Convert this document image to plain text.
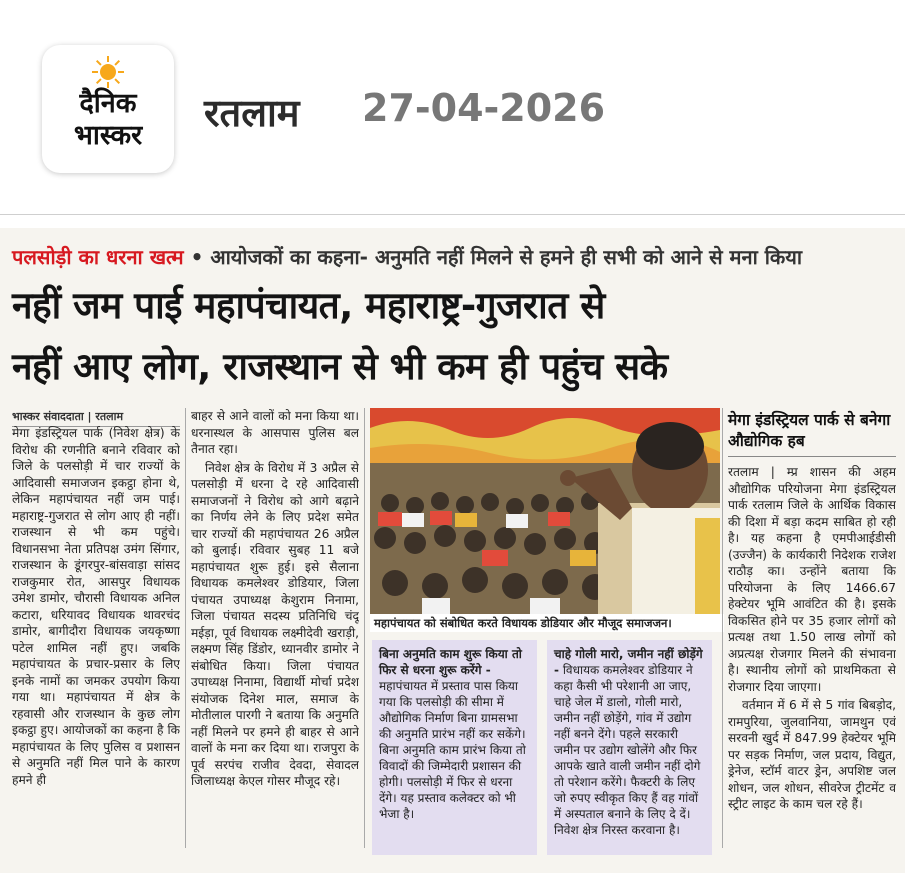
दैनिक
भास्कर
रतलाम 27-04-2026
पलसोड़ी का धरना खत्म • आयोजकों का कहना- अनुमति नहीं मिलने से हमने ही सभी को आने से मना किया
नहीं जम पाई महापंचायत, महाराष्ट्र-गुजरात से
नहीं आए लोग, राजस्थान से भी कम ही पहुंच सके
भास्कर संवाददाता | रतलाम

मेगा इंडस्ट्रियल पार्क (निवेश क्षेत्र) के विरोध की रणनीति बनाने रविवार को जिले के पलसोड़ी में चार राज्यों के आदिवासी समाजजन इकट्ठा होना थे, लेकिन महापंचायत नहीं जम पाई। महाराष्ट्र-गुजरात से लोग आए ही नहीं। राजस्थान से भी कम पहुंचे। विधानसभा नेता प्रतिपक्ष उमंग सिंगार, राजस्थान के डूंगरपुर-बांसवाड़ा सांसद राजकुमार रोत, आसपुर विधायक उमेश डामोर, चौरासी विधायक अनिल कटारा, धरियावद विधायक थावरचंद डामोर, बागीदौरा विधायक जयकृष्णा पटेल शामिल नहीं हुए। जबकि महापंचायत के प्रचार-प्रसार के लिए इनके नामों का जमकर उपयोग किया गया था। महापंचायत में क्षेत्र के रहवासी और राजस्थान के कुछ लोग इकट्ठा हुए। आयोजकों का कहना है कि महापंचायत के लिए पुलिस व प्रशासन से अनुमति नहीं मिल पाने के कारण हमने ही

बाहर से आने वालों को मना किया था। धरनास्थल के आसपास पुलिस बल तैनात रहा।

निवेश क्षेत्र के विरोध में 3 अप्रैल से पलसोड़ी में धरना दे रहे आदिवासी समाजजनों ने विरोध को आगे बढ़ाने का निर्णय लेने के लिए प्रदेश समेत चार राज्यों की महापंचायत 26 अप्रैल को बुलाई। रविवार सुबह 11 बजे महापंचायत शुरू हुई। इसे सैलाना विधायक कमलेश्वर डोडियार, जिला पंचायत उपाध्यक्ष केशुराम निनामा, जिला पंचायत सदस्य प्रतिनिधि चंदू मईड़ा, पूर्व विधायक लक्ष्मीदेवी खराड़ी, लक्ष्मण सिंह डिंडोर, ध्यानवीर डामोर ने संबोधित किया। जिला पंचायत उपाध्यक्ष निनामा, विद्यार्थी मोर्चा प्रदेश संयोजक दिनेश माल, समाज के मोतीलाल पारगी ने बताया कि अनुमति नहीं मिलने पर हमने ही बाहर से आने वालों के मना कर दिया था। राजपुरा के पूर्व सरपंच राजीव देवदा, सेवादल जिलाध्यक्ष केएल गोसर मौजूद रहे।

महापंचायत को संबोधित करते विधायक डोडियार और मौजूद समाजजन।
बिना अनुमति काम शुरू किया तो फिर से धरना शुरू करेंगे - महापंचायत में प्रस्ताव पास किया गया कि पलसोड़ी की सीमा में औद्योगिक निर्माण बिना ग्रामसभा की अनुमति प्रारंभ नहीं कर सकेंगे। बिना अनुमति काम प्रारंभ किया तो विवादों की जिम्मेदारी प्रशासन की होगी। पलसोड़ी में फिर से धरना देंगे। यह प्रस्ताव कलेक्टर को भी भेजा है।
चाहे गोली मारो, जमीन नहीं छोड़ेंगे - विधायक कमलेश्वर डोडियार ने कहा कैसी भी परेशानी आ जाए, चाहे जेल में डालो, गोली मारो, जमीन नहीं छोड़ेंगे, गांव में उद्योग नहीं बनने देंगे। पहले सरकारी जमीन पर उद्योग खोलेंगे और फिर आपके खाते वाली जमीन नहीं दोगे तो परेशान करेंगे। फैक्टरी के लिए जो रुपए स्वीकृत किए हैं वह गांवों में अस्पताल बनाने के लिए दे दें। निवेश क्षेत्र निरस्त करवाना है।
मेगा इंडस्ट्रियल पार्क से बनेगा औद्योगिक हब

रतलाम | म्प्र शासन की अहम औद्योगिक परियोजना मेगा इंडस्ट्रियल पार्क रतलाम जिले के आर्थिक विकास की दिशा में बड़ा कदम साबित हो रही है। यह कहना है एमपीआईडीसी (उज्जैन) के कार्यकारी निदेशक राजेश राठौड़ का। उन्होंने बताया कि परियोजना के लिए 1466.67 हेक्टेयर भूमि आवंटित की है। इसके विकसित होने पर 35 हजार लोगों को प्रत्यक्ष तथा 1.50 लाख लोगों को अप्रत्यक्ष रोजगार मिलने की संभावना है। स्थानीय लोगों को प्राथमिकता से रोजगार दिया जाएगा।

वर्तमान में 6 में से 5 गांव बिबड़ोद, रामपुरिया, जुलवानिया, जामथुन एवं सरवनी खुर्द में 847.99 हेक्टेयर भूमि पर सड़क निर्माण, जल प्रदाय, विद्युत, ड्रेनेज, स्टॉर्म वाटर ड्रेन, अपशिष्ट जल शोधन, जल शोधन, सीवरेज ट्रीटमेंट व स्ट्रीट लाइट के काम चल रहे हैं।
